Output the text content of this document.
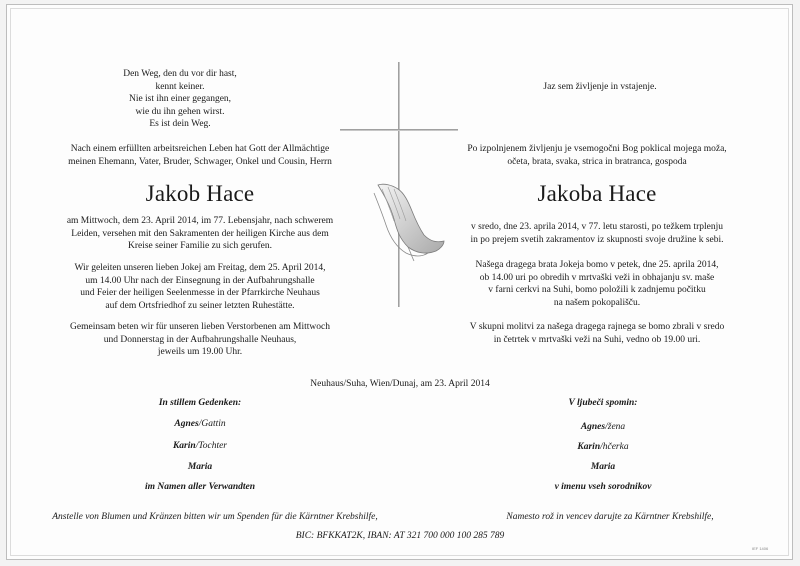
Den Weg, den du vor dir hast,
kennt keiner.
Nie ist ihn einer gegangen,
wie du ihn gehen wirst.
Es ist dein Weg.
Nach einem erfüllten arbeitsreichen Leben hat Gott der Allmächtige
meinen Ehemann, Vater, Bruder, Schwager, Onkel und Cousin, Herrn
Jakob Hace
am Mittwoch, dem 23. April 2014, im 77. Lebensjahr, nach schwerem
Leiden, versehen mit den Sakramenten der heiligen Kirche aus dem
Kreise seiner Familie zu sich gerufen.
Wir geleiten unseren lieben Jokej am Freitag, dem 25. April 2014,
um 14.00 Uhr nach der Einsegnung in der Aufbahrungshalle
und Feier der heiligen Seelenmesse in der Pfarrkirche Neuhaus
auf dem Ortsfriedhof zu seiner letzten Ruhestätte.
Gemeinsam beten wir für unseren lieben Verstorbenen am Mittwoch
und Donnerstag in der Aufbahrungshalle Neuhaus,
jeweils um 19.00 Uhr.
Jaz sem življenje in vstajenje.
Po izpolnjenem življenju je vsemogočni Bog poklical mojega moža,
očeta, brata, svaka, strica in bratranca, gospoda
Jakoba Hace
v sredo, dne 23. aprila 2014, v 77. letu starosti, po težkem trplenju
in po prejem svetih zakramentov iz skupnosti svoje družine k sebi.
Našega dragega brata Jokeja bomo v petek, dne 25. aprila 2014,
ob 14.00 uri po obredih v mrtvaški veži in obhajanju sv. maše
v farni cerkvi na Suhi, bomo položili k zadnjemu počitku
na našem pokopališču.
V skupni molitvi za našega dragega rajnega se bomo zbrali v sredo
in četrtek v mrtvaški veži na Suhi, vedno ob 19.00 uri.
Neuhaus/Suha, Wien/Dunaj, am 23. April 2014
In stillem Gedenken:
Agnes/Gattin
Karin/Tochter
Maria
im Namen aller Verwandten
V ljubeči spomin:
Agnes/žena
Karin/hčerka
Maria
v imenu vseh sorodnikov
Anstelle von Blumen und Kränzen bitten wir um Spenden für die Kärntner Krebshilfe,	Namesto rož in vencev darujte za Kärntner Krebshilfe,
BIC: BFKKAT2K, IBAN: AT 321 700 000 100 285 789
IEF 1406
